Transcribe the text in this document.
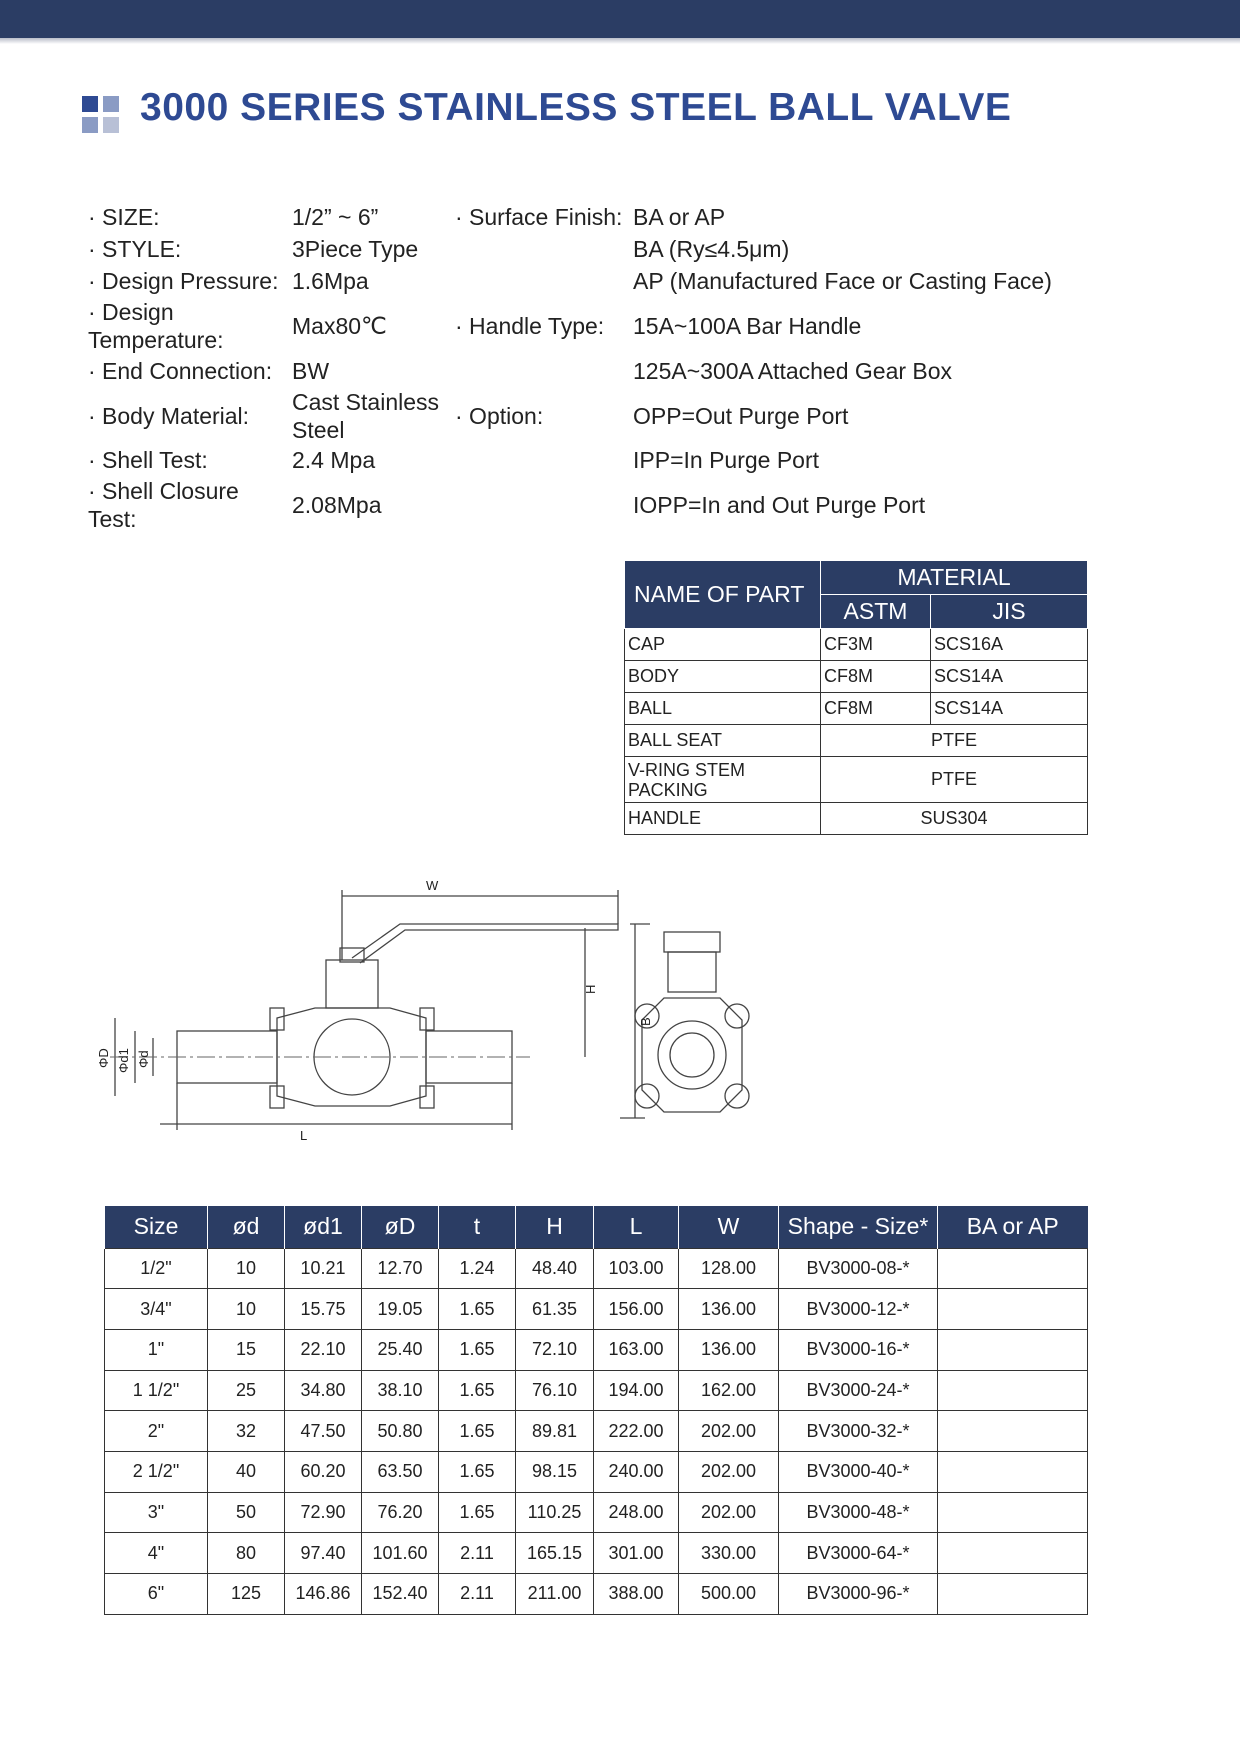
3000 SERIES STAINLESS STEEL BALL VALVE
· SIZE:	1/2” ~ 6”
· STYLE:	3Piece Type
· Design Pressure: 1.6Mpa
· Design Temperature:
Max80℃
· End Connection: BW
· Body Material:
Cast Stainless Steel
· Shell Test:	2.4 Mpa
· Shell Closure Test:
2.08Mpa
· Surface Finish: BA or AP
BA (Ry≤4.5μm)
AP (Manufactured Face or Casting Face)
· Handle Type: 15A~100A Bar Handle
125A~300A Attached Gear Box
· Option:	OPP=Out Purge Port
IPP=In Purge Port
IOPP=In and Out Purge Port
NAME OF PART	MATERIAL	
	ASTM	JIS
CAP	CF3M	SCS16A
BODY	CF8M	SCS14A
BALL	CF8M	SCS14A
BALL SEAT	PTFE	
V-RING STEM PACKING	PTFE	
HANDLE	SUS304	
W
H
B
L
ΦD Φd1 Φd
Size	ød	ød1	øD	t	H	L	W	Shape - Size*	BA or AP
1/2"	10	10.21	12.70	1.24	48.40	103.00	128.00	BV3000-08-*	
3/4"	10	15.75	19.05	1.65	61.35	156.00	136.00	BV3000-12-*	
1"	15	22.10	25.40	1.65	72.10	163.00	136.00	BV3000-16-*	
1 1/2"	25	34.80	38.10	1.65	76.10	194.00	162.00	BV3000-24-*	
2"	32	47.50	50.80	1.65	89.81	222.00	202.00	BV3000-32-*	
2 1/2"	40	60.20	63.50	1.65	98.15	240.00	202.00	BV3000-40-*	
3"	50	72.90	76.20	1.65	110.25	248.00	202.00	BV3000-48-*	
4"	80	97.40	101.60	2.11	165.15	301.00	330.00	BV3000-64-*	
6"	125	146.86	152.40	2.11	211.00	388.00	500.00	BV3000-96-*	
